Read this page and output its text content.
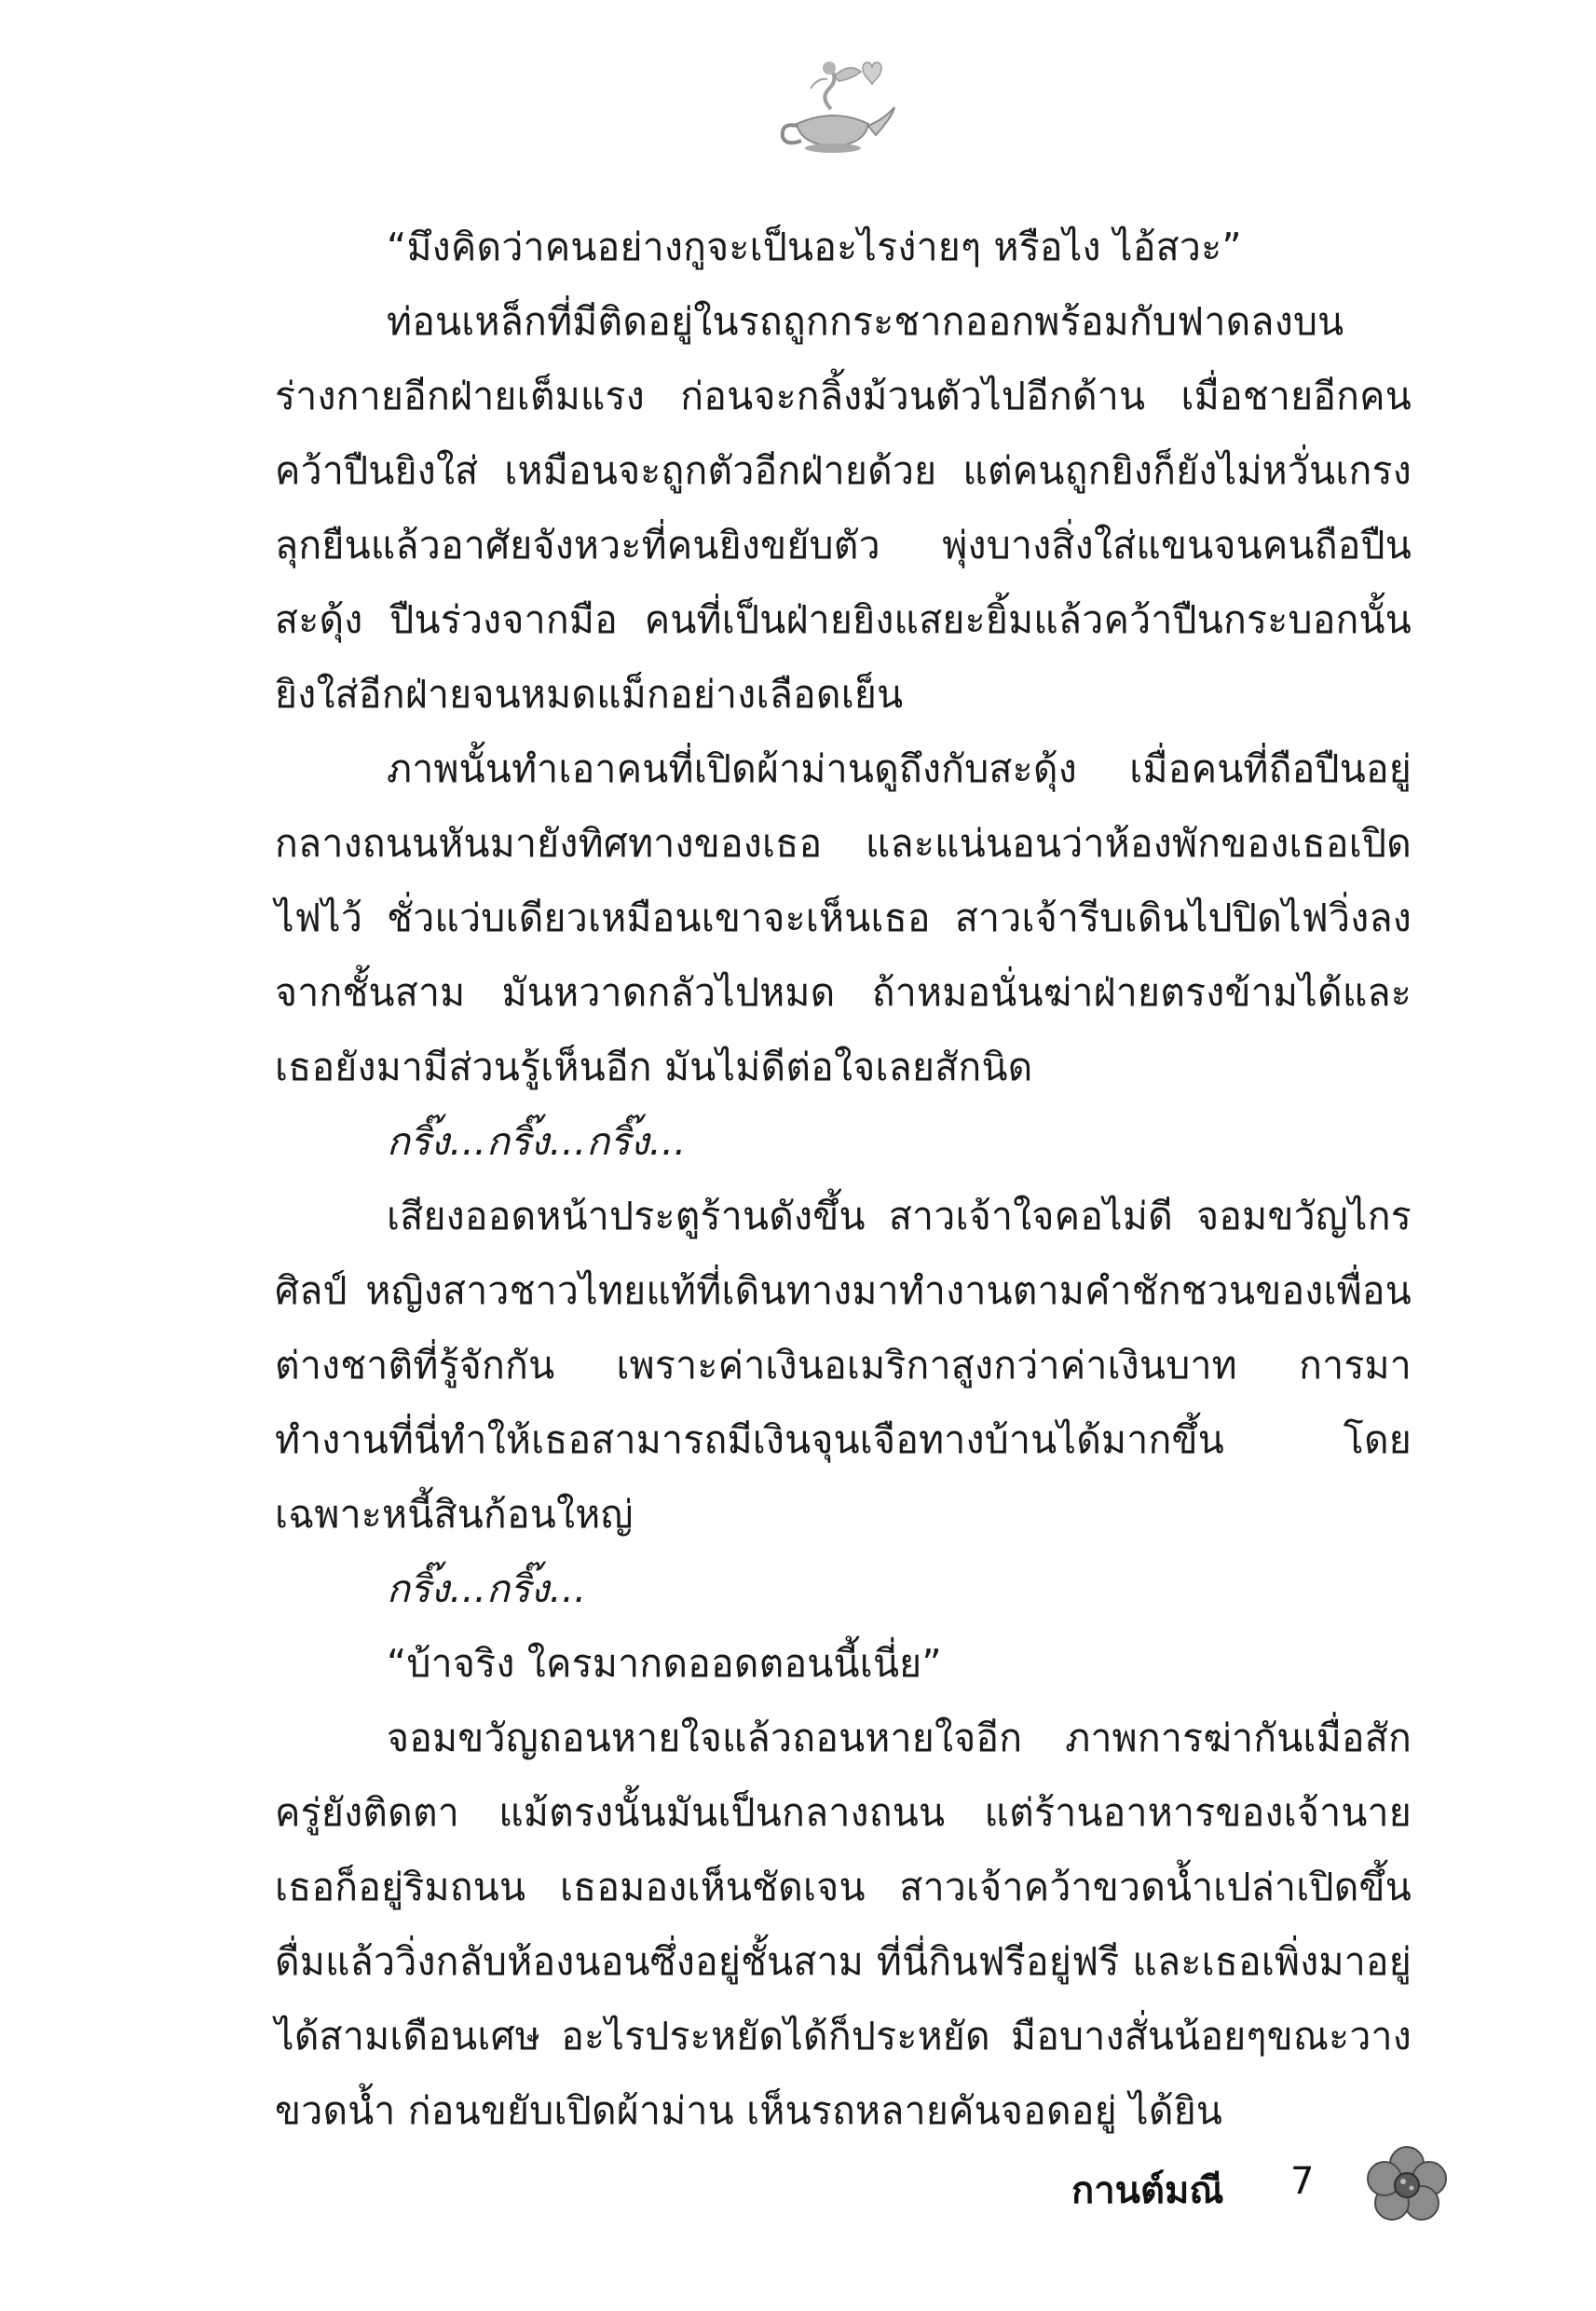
“มึงคิดว่าคนอย่างกูจะเป็นอะไรง่ายๆ หรือไง ไอ้สวะ”

ท่อนเหล็กที่มีติดอยู่ในรถถูกกระชากออกพร้อมกับฟาดลงบนร่างกายอีกฝ่ายเต็มแรง ก่อนจะกลิ้งม้วนตัวไปอีกด้าน เมื่อชายอีกคนคว้าปืนยิงใส่ เหมือนจะถูกตัวอีกฝ่ายด้วย แต่คนถูกยิงก็ยังไม่หวั่นเกรง ลุกยืนแล้วอาศัยจังหวะที่คนยิงขยับตัว พุ่งบางสิ่งใส่แขนจนคนถือปืนสะดุ้ง ปืนร่วงจากมือ คนที่เป็นฝ่ายยิงแสยะยิ้มแล้วคว้าปืนกระบอกนั้นยิงใส่อีกฝ่ายจนหมดแม็กอย่างเลือดเย็น

ภาพนั้นทำเอาคนที่เปิดผ้าม่านดูถึงกับสะดุ้ง เมื่อคนที่ถือปืนอยู่กลางถนนหันมายังทิศทางของเธอ และแน่นอนว่าห้องพักของเธอเปิดไฟไว้ ชั่วแว่บเดียวเหมือนเขาจะเห็นเธอ สาวเจ้ารีบเดินไปปิดไฟวิ่งลงจากชั้นสาม มันหวาดกลัวไปหมด ถ้าหมอนั่นฆ่าฝ่ายตรงข้ามได้และเธอยังมามีส่วนรู้เห็นอีก มันไม่ดีต่อใจเลยสักนิด

กริ๊ง...กริ๊ง...กริ๊ง...

เสียงออดหน้าประตูร้านดังขึ้น สาวเจ้าใจคอไม่ดี จอมขวัญไกรศิลป์ หญิงสาวชาวไทยแท้ที่เดินทางมาทำงานตามคำชักชวนของเพื่อนต่างชาติที่รู้จักกัน เพราะค่าเงินอเมริกาสูงกว่าค่าเงินบาท การมาทำงานที่นี่ทำให้เธอสามารถมีเงินจุนเจือทางบ้านได้มากขึ้น โดยเฉพาะหนี้สินก้อนใหญ่

กริ๊ง...กริ๊ง...

“บ้าจริง ใครมากดออดตอนนี้เนี่ย”

จอมขวัญถอนหายใจแล้วถอนหายใจอีก ภาพการฆ่ากันเมื่อสักครู่ยังติดตา แม้ตรงนั้นมันเป็นกลางถนน แต่ร้านอาหารของเจ้านายเธอก็อยู่ริมถนน เธอมองเห็นชัดเจน สาวเจ้าคว้าขวดน้ำเปล่าเปิดขึ้นดื่มแล้ววิ่งกลับห้องนอนซึ่งอยู่ชั้นสาม ที่นี่กินฟรีอยู่ฟรี และเธอเพิ่งมาอยู่ได้สามเดือนเศษ อะไรประหยัดได้ก็ประหยัด มือบางสั่นน้อยๆขณะวางขวดน้ำ ก่อนขยับเปิดผ้าม่าน เห็นรถหลายคันจอดอยู่ ได้ยิน

กานต์มณี 7
